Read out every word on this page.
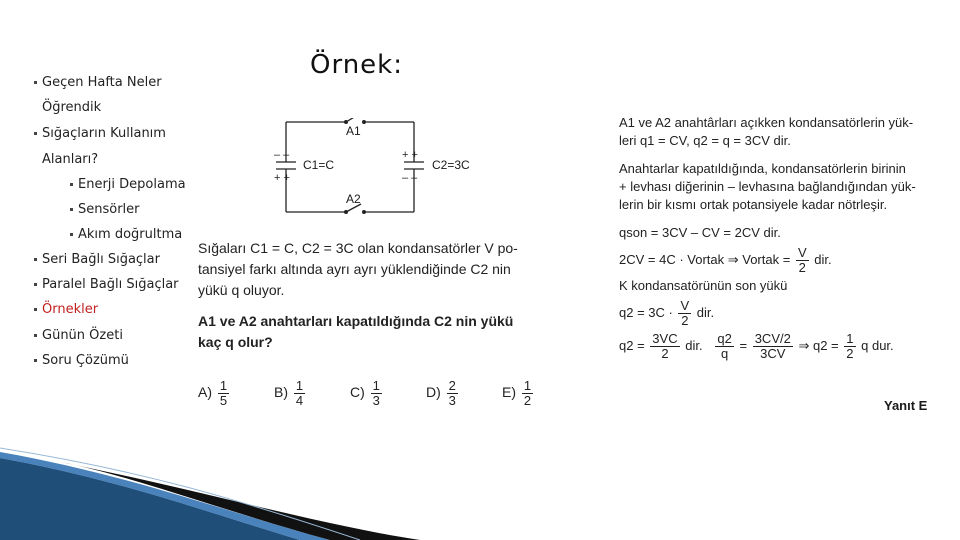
Geçen Hafta Neler
Öğrendik
Sığaçların Kullanım
Alanları?
Enerji Depolama
Sensörler
Akım doğrultma
Seri Bağlı Sığaçlar
Paralel Bağlı Sığaçlar
Örnekler
Günün Özeti
Soru Çözümü
Örnek:
– –
+ +
+ +
– –
A1
A2
C1=C	C2=3C
Sığaları C1 = C, C2 = 3C olan kondansatörler V po-
tansiyel farkı altında ayrı ayrı yüklendiğinde C2 nin
yükü q oluyor.
A1 ve A2 anahtarları kapatıldığında C2 nin yükü
kaç q olur?
$A) \frac{1}{5}$	$B) \frac{1}{4}$	$C) \frac{1}{3}$	$D) \frac{2}{3}$	$E) \frac{1}{2}$
A1 ve A2 anahtârları açıkken kondansatörlerin yük-
leri q1 = CV, q2 = q = 3CV dir.
Anahtarlar kapatıldığında, kondansatörlerin birinin
+ levhası diğerinin – levhasına bağlandığından yük-
lerin bir kısmı ortak potansiyele kadar nötrleşir.
qson = 3CV – CV = 2CV dir.
2CV = 4C · Vortak ⇒ Vortak = $\frac{V}{2}$ dir.
K kondansatörünün son yükü
$q2 = 3C \cdot \frac{V}{2}$ dir.
$q2 = \frac{3VC}{2}$ dir. $\frac{q2}{q} = \frac{3CV/2}{3CV}$ ⇒ $q2 = \frac{1}{2}$ q dur.
Yanıt E
